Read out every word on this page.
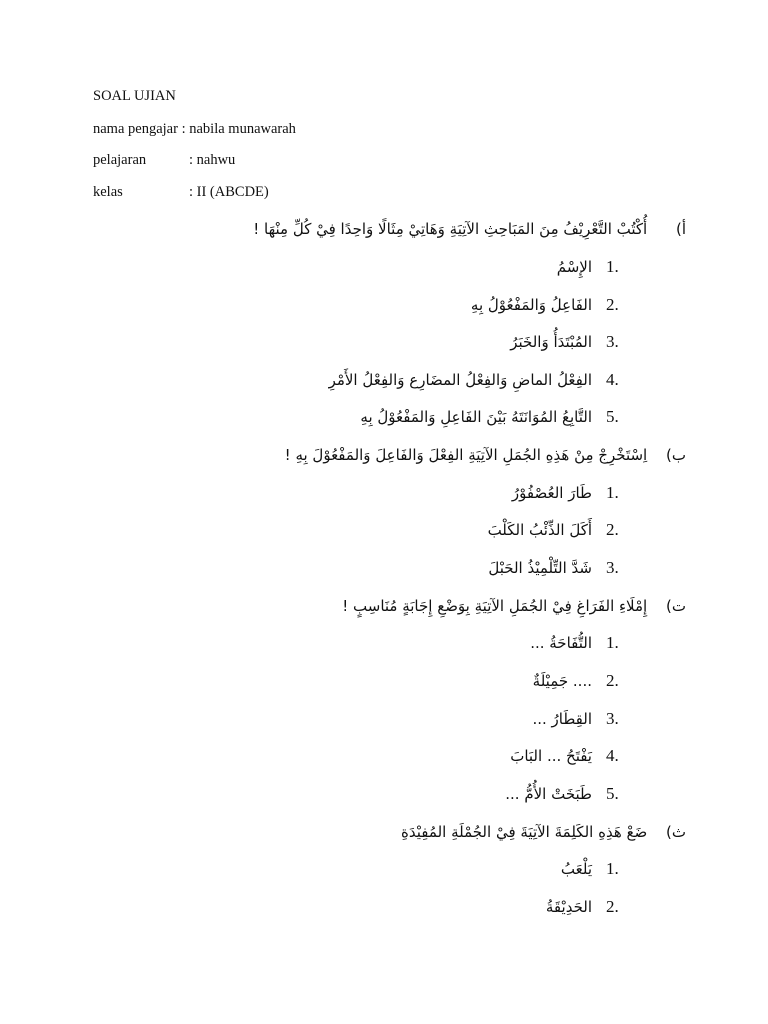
SOAL UJIAN
nama pengajar : nabila munawarah
pelajaran	: nahwu
kelas	: II (ABCDE)
أ) أُكْتُبْ التَّعْرِيْفُ مِنَ المَبَاحِثِ الآتِيَةِ وَهَاتِيْ مِثَالًا وَاحِدًا فِيْ كُلِّ مِنْهَا !
1.الإِسْمُ
2.الفَاعِلُ وَالمَفْعُوْلُ بِهِ
3.المُبْتَدَأُ وَالخَبَرُ
4.الفِعْلُ الماضِ وَالفِعْلُ المضَارِع وَالفِعْلُ الأَمْرِ
5.التَّابِعُ المُوَانَتَهُ بَيْنَ الفَاعِلِ وَالمَفْعُوْلُ بِهِ
ب) اِسْتَخْرِجْ مِنْ هَذِهِ الجُمَلِ الآتِيَةِ الفِعْلَ وَالفَاعِلَ وَالمَفْعُوْلَ بِهِ !
1.طَارَ العُصْفُوْرُ
2.أَكَلَ الذِّئْبُ الكَلْبَ
3.شَدَّ التِّلْمِيْذُ الحَبْلَ
ت) إِمْلَاءِ الفَرَاغِ فِيْ الجُمَلِ الآتِيَةِ بِوَضْعِ إِجَابَةٍ مُنَاسِبٍ !
1.التُّفَاحَةُ ...
2..... جَمِيْلَةٌ
3.القِطَارُ ...
4.يَفْتَحُ ... البَابَ
5.طَبَخَتْ الأُمُّ ...
ث) ضَعْ هَذِهِ الكَلِمَةَ الآتِيَةَ فِيْ الجُمْلَةِ المُفِيْدَةِ
1.يَلْعَبُ
2.الحَدِيْقَةُ
